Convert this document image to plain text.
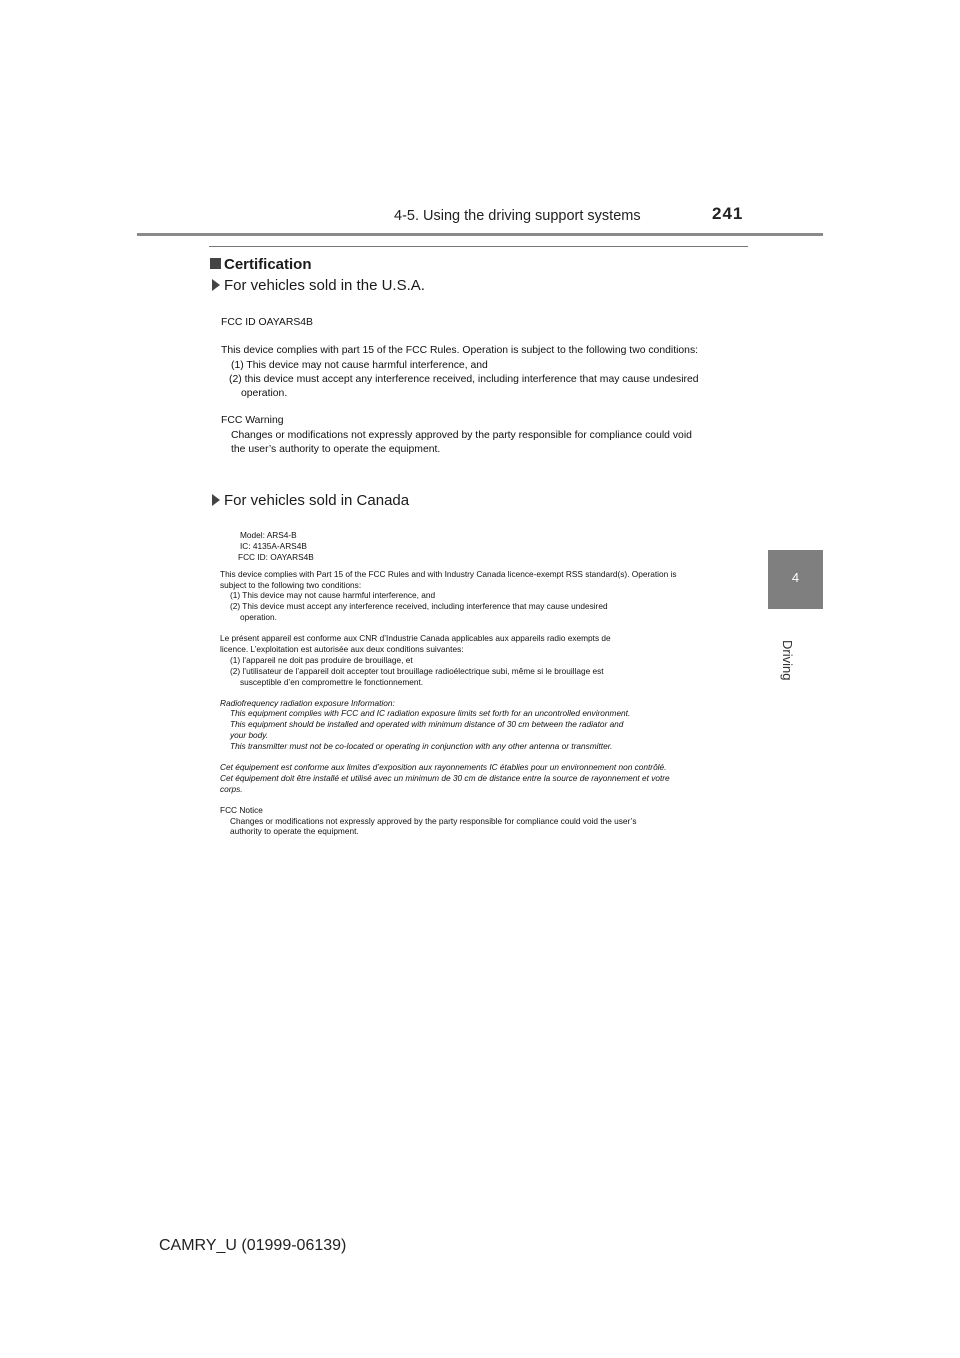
4-5. Using the driving support systems	241
4
Driving
Certification
For vehicles sold in the U.S.A.
FCC ID OAYARS4B
This device complies with part 15 of the FCC Rules. Operation is subject to the following two conditions:
(1) This device may not cause harmful interference, and
(2) this device must accept any interference received, including interference that may cause undesired
operation.
FCC Warning
Changes or modifications not expressly approved by the party responsible for compliance could void
the user’s authority to operate the equipment.
For vehicles sold in Canada
Model: ARS4-B
IC: 4135A-ARS4B
FCC ID: OAYARS4B
This device complies with Part 15 of the FCC Rules and with Industry Canada licence-exempt RSS standard(s). Operation is
subject to the following two conditions:
(1) This device may not cause harmful interference, and
(2) This device must accept any interference received, including interference that may cause undesired
operation.
Le présent appareil est conforme aux CNR d’Industrie Canada applicables aux appareils radio exempts de
licence. L’exploitation est autorisée aux deux conditions suivantes:
(1) l’appareil ne doit pas produire de brouillage, et
(2) l’utilisateur de l’appareil doit accepter tout brouillage radioélectrique subi, même si le brouillage est
susceptible d’en compromettre le fonctionnement.
Radiofrequency radiation exposure Information:
This equipment complies with FCC and IC radiation exposure limits set forth for an uncontrolled environment.
This equipment should be installed and operated with minimum distance of 30 cm between the radiator and
your body.
This transmitter must not be co-located or operating in conjunction with any other antenna or transmitter.
Cet équipement est conforme aux limites d’exposition aux rayonnements IC établies pour un environnement non contrôlé.
Cet équipement doit être installé et utilisé avec un minimum de 30 cm de distance entre la source de rayonnement et votre
corps.
FCC Notice
Changes or modifications not expressly approved by the party responsible for compliance could void the user’s
authority to operate the equipment.
CAMRY_U (01999-06139)
